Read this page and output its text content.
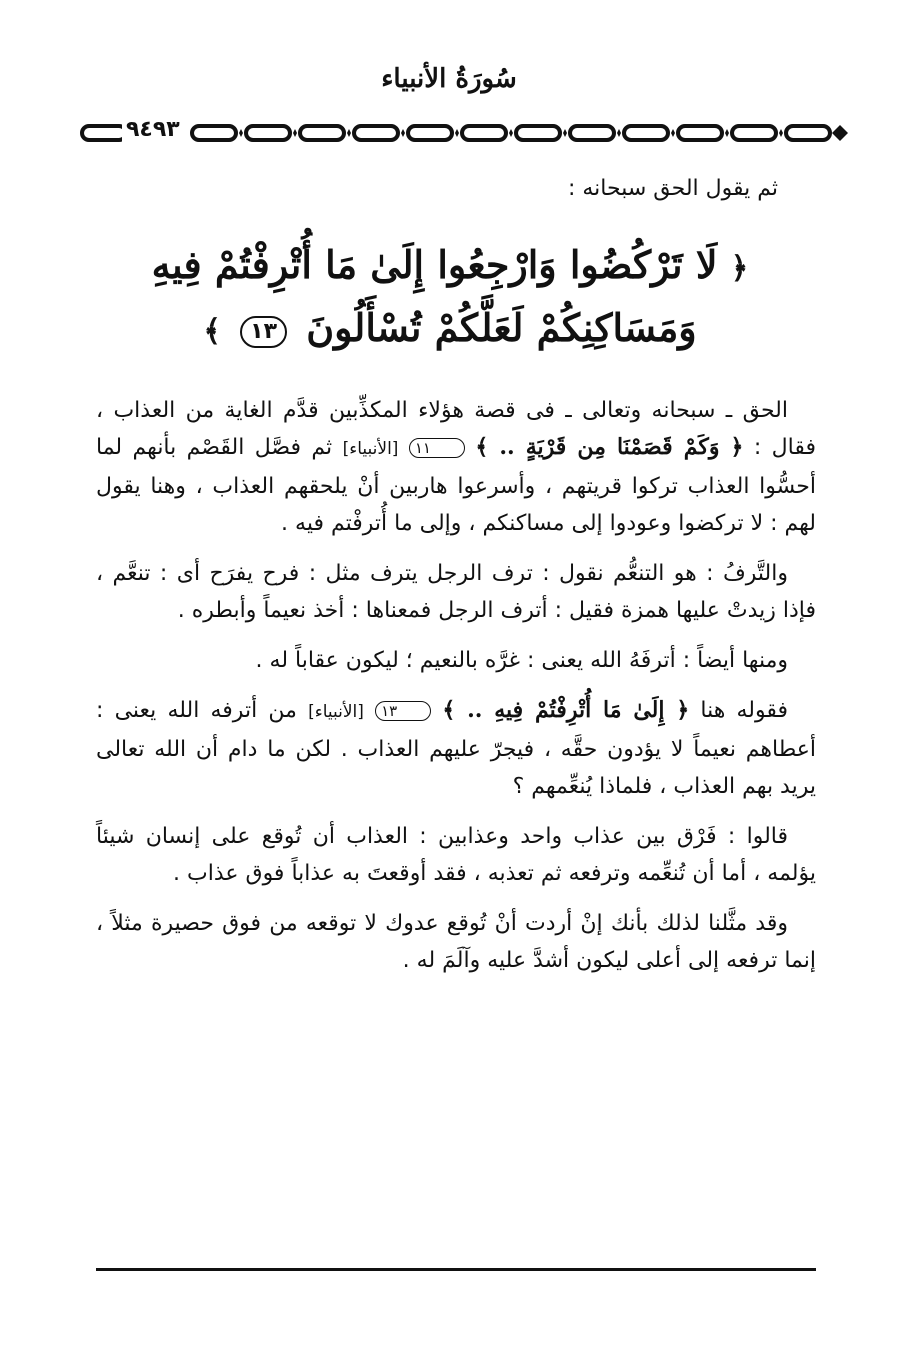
سُورَةُ الأنبياء
٩٤٩٣
ثم يقول الحق سبحانه :
﴿ لَا تَرْكُضُوا وَارْجِعُوا إِلَىٰ مَا أُتْرِفْتُمْ فِيهِ
وَمَسَاكِنِكُمْ لَعَلَّكُمْ تُسْأَلُونَ ١٣ ﴾

الحق ـ سبحانه وتعالى ـ فى قصة هؤلاء المكذِّبين قدَّم الغاية من العذاب ، فقال : ﴿ وَكَمْ قَصَمْنَا مِن قَرْيَةٍ .. ﴾ ١١ [الأنبياء] ثم فصَّل القَصْم بأنهم لما أحسُّوا العذاب تركوا قريتهم ، وأسرعوا هاربين أنْ يلحقهم العذاب ، وهنا يقول لهم : لا تركضوا وعودوا إلى مساكنكم ، وإلى ما أُترفْتم فيه .

والتَّرفُ : هو التنعُّم نقول : ترف الرجل يترف مثل : فرح يفرَح أى : تنعَّم ، فإذا زيدتْ عليها همزة فقيل : أترف الرجل فمعناها : أخذ نعيماً وأبطره .

ومنها أيضاً : أترفَهُ الله يعنى : غرَّه بالنعيم ؛ ليكون عقاباً له .

فقوله هنا ﴿ إِلَىٰ مَا أُتْرِفْتُمْ فِيهِ .. ﴾ ١٣ [الأنبياء] من أترفه الله يعنى : أعطاهم نعيماً لا يؤدون حقَّه ، فيجرّ عليهم العذاب . لكن ما دام أن الله تعالى يريد بهم العذاب ، فلماذا يُنعِّمهم ؟

قالوا : فَرْق بين عذاب واحد وعذابين : العذاب أن تُوقع على إنسان شيئاً يؤلمه ، أما أن تُنعِّمه وترفعه ثم تعذبه ، فقد أوقعتَ به عذاباً فوق عذاب .

وقد مثَّلنا لذلك بأنك إنْ أردت أنْ تُوقع عدوك لا توقعه من فوق حصيرة مثلاً ، إنما ترفعه إلى أعلى ليكون أشدَّ عليه وآلَمَ له .
